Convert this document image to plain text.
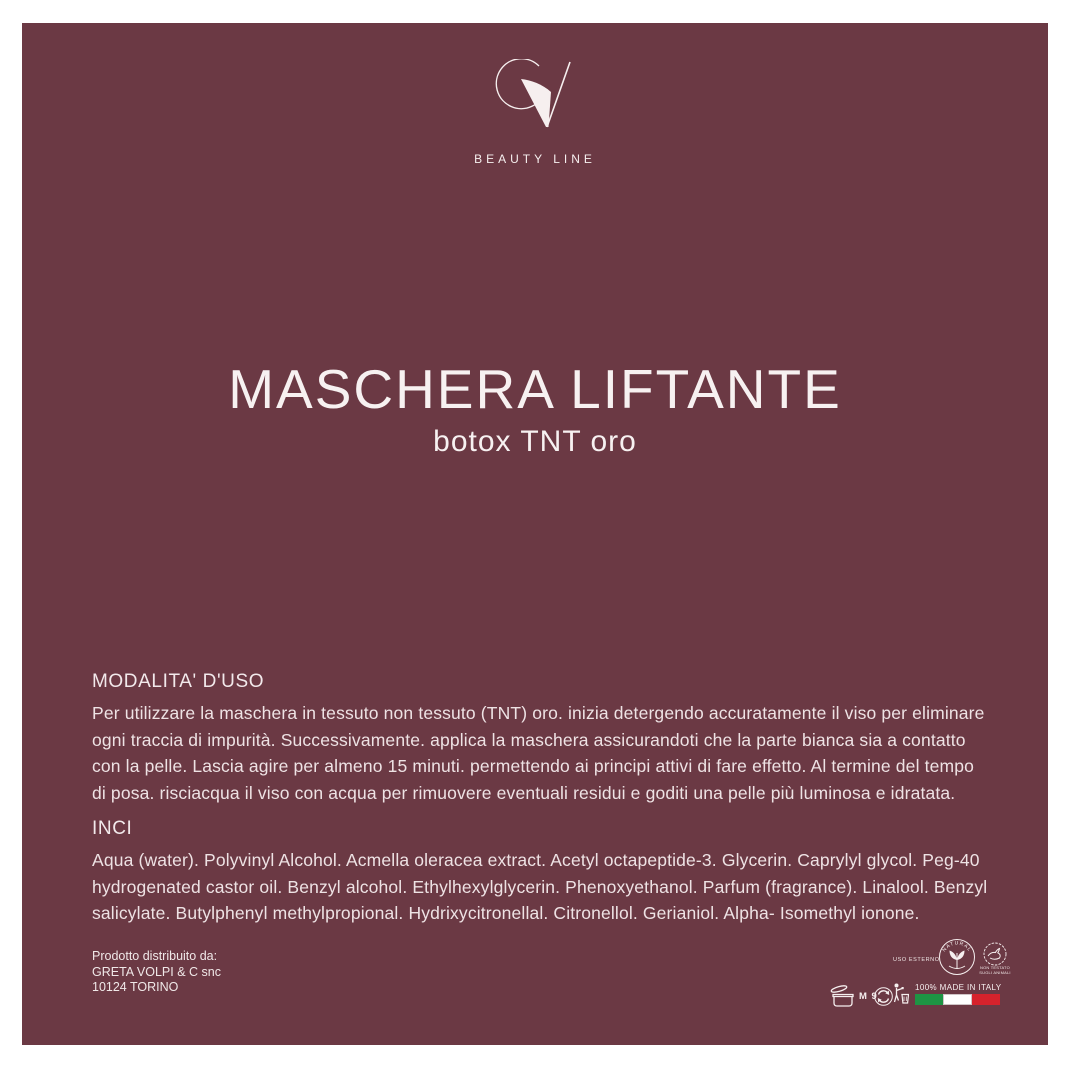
BEAUTY LINE
MASCHERA LIFTANTE
botox TNT oro
MODALITA' D'USO

Per utilizzare la maschera in tessuto non tessuto (TNT) oro. inizia detergendo accuratamente il viso per eliminare ogni traccia di impurità. Successivamente. applica la maschera assicurandoti che la parte bianca sia a contatto con la pelle. Lascia agire per almeno 15 minuti. permettendo ai principi attivi di fare effetto. Al termine del tempo di posa. risciacqua il viso con acqua per rimuovere eventuali residui e goditi una pelle più luminosa e idratata.

INCI

Aqua (water). Polyvinyl Alcohol. Acmella oleracea extract. Acetyl octapeptide-3. Glycerin. Caprylyl glycol. Peg-40 hydrogenated castor oil. Benzyl alcohol. Ethylhexylglycerin. Phenoxyethanol. Parfum (fragrance). Linalool. Benzyl salicylate. Butylphenyl methylpropional. Hydrixycitronellal. Citronellol. Gerianiol. Alpha- Isomethyl ionone.

Prodotto distribuito da:
GRETA VOLPI & C snc
10124 TORINO
USO ESTERNO
NATURAL
NON TESTATO
SUGLI ANIMALI
M 9
100% MADE IN ITALY
